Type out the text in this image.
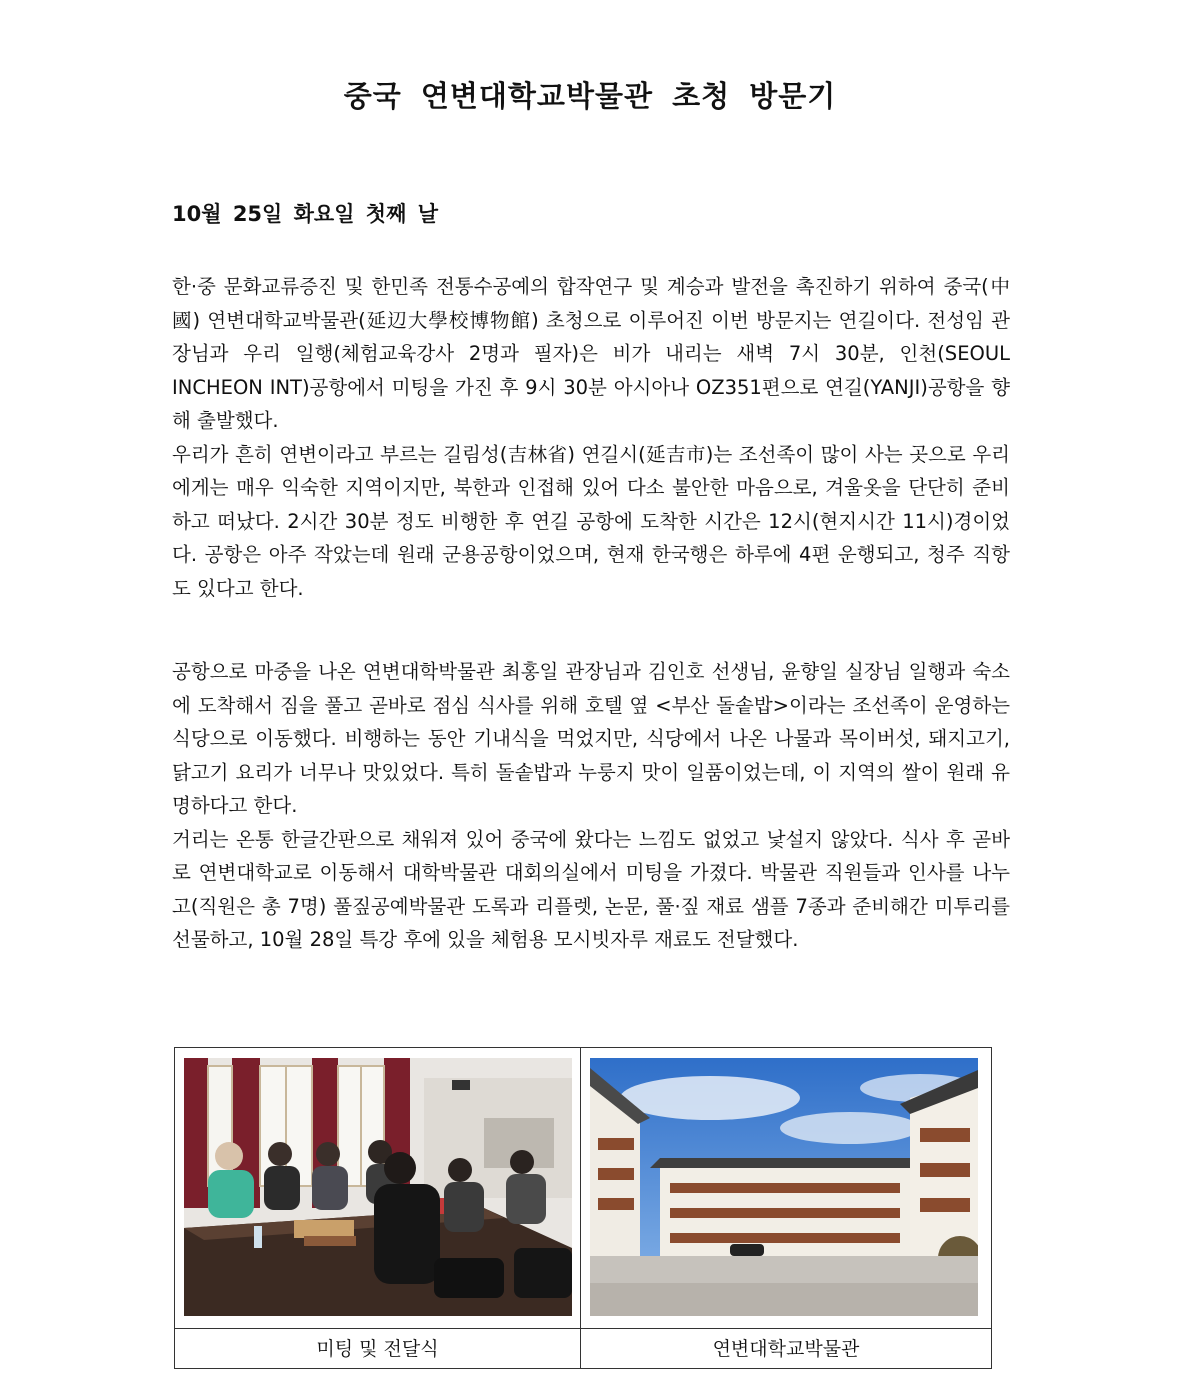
중국 연변대학교박물관 초청 방문기
10월 25일 화요일 첫째 날

한·중 문화교류증진 및 한민족 전통수공예의 합작연구 및 계승과 발전을 촉진하기 위하여 중국(中國) 연변대학교박물관(延辺大學校博物館) 초청으로 이루어진 이번 방문지는 연길이다. 전성임 관장님과 우리 일행(체험교육강사 2명과 필자)은 비가 내리는 새벽 7시 30분, 인천(SEOUL INCHEON INT)공항에서 미팅을 가진 후 9시 30분 아시아나 OZ351편으로 연길(YANJI)공항을 향해 출발했다.

우리가 흔히 연변이라고 부르는 길림성(吉林省) 연길시(延吉市)는 조선족이 많이 사는 곳으로 우리에게는 매우 익숙한 지역이지만, 북한과 인접해 있어 다소 불안한 마음으로, 겨울옷을 단단히 준비하고 떠났다. 2시간 30분 정도 비행한 후 연길 공항에 도착한 시간은 12시(현지시간 11시)경이었다. 공항은 아주 작았는데 원래 군용공항이었으며, 현재 한국행은 하루에 4편 운행되고, 청주 직항도 있다고 한다.

공항으로 마중을 나온 연변대학박물관 최홍일 관장님과 김인호 선생님, 윤향일 실장님 일행과 숙소에 도착해서 짐을 풀고 곧바로 점심 식사를 위해 호텔 옆 <부산 돌솥밥>이라는 조선족이 운영하는 식당으로 이동했다. 비행하는 동안 기내식을 먹었지만, 식당에서 나온 나물과 목이버섯, 돼지고기, 닭고기 요리가 너무나 맛있었다. 특히 돌솥밥과 누룽지 맛이 일품이었는데, 이 지역의 쌀이 원래 유명하다고 한다.

거리는 온통 한글간판으로 채워져 있어 중국에 왔다는 느낌도 없었고 낯설지 않았다. 식사 후 곧바로 연변대학교로 이동해서 대학박물관 대회의실에서 미팅을 가졌다. 박물관 직원들과 인사를 나누고(직원은 총 7명) 풀짚공예박물관 도록과 리플렛, 논문, 풀·짚 재료 샘플 7종과 준비해간 미투리를 선물하고, 10월 28일 특강 후에 있을 체험용 모시빗자루 재료도 전달했다.

미팅 및 전달식	연변대학교박물관
